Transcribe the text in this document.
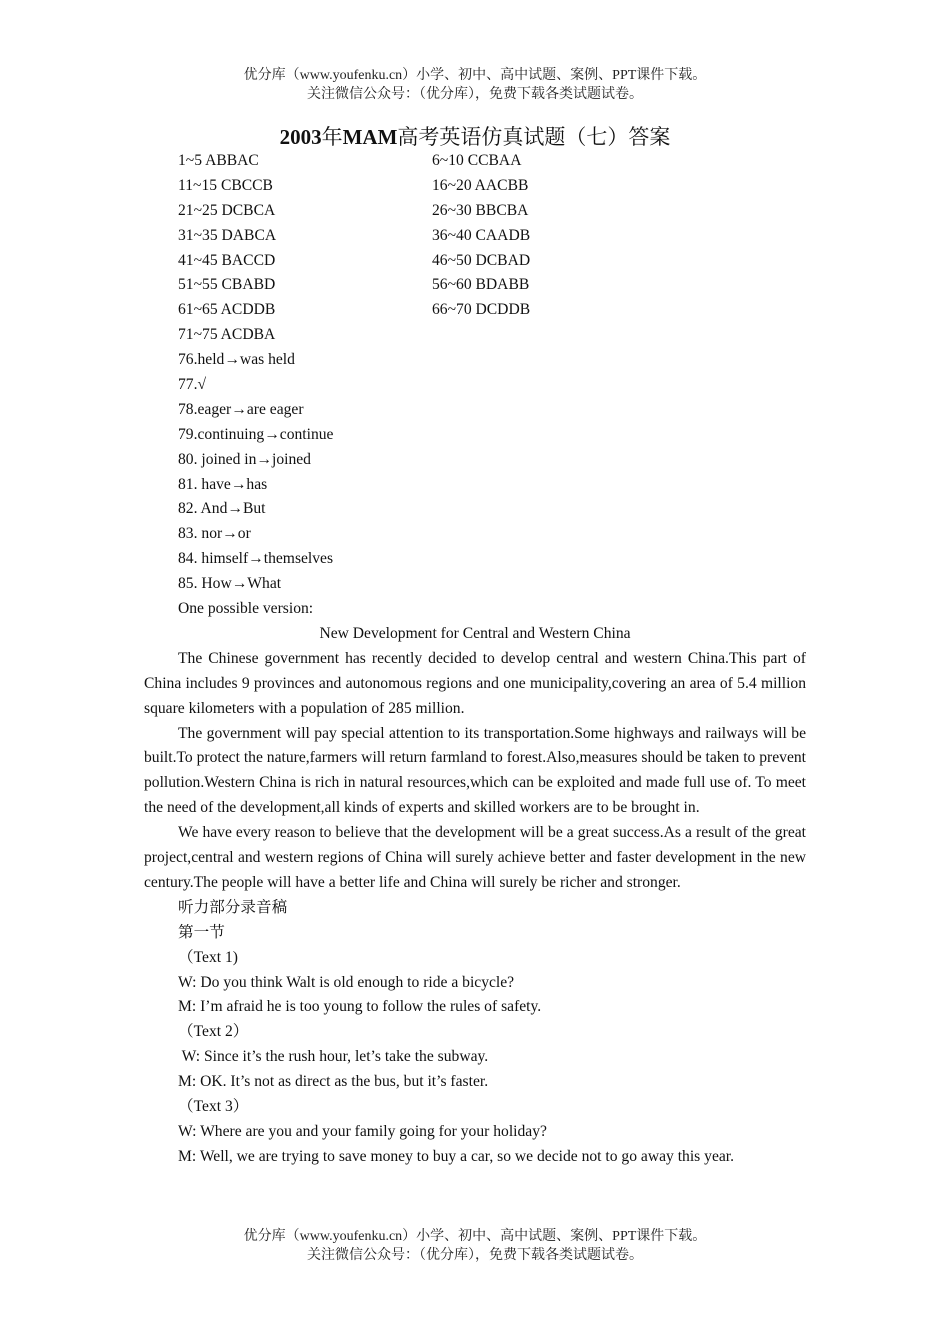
优分库（www.youfenku.cn）小学、初中、高中试题、案例、PPT课件下载。
关注微信公众号：（优分库），免费下载各类试题试卷。
2003年MAM高考英语仿真试题（七）答案
1~5 ABBAC	6~10 CCBAA
11~15 CBCCB	16~20 AACBB
21~25 DCBCA	26~30 BBCBA
31~35 DABCA	36~40 CAADB
41~45 BACCD	46~50 DCBAD
51~55 CBABD	56~60 BDABB
61~65 ACDDB	66~70 DCDDB
71~75 ACDBA
76.held→was held
77.√
78.eager→are eager
79.continuing→continue
80. joined in→joined
81. have→has
82. And→But
83. nor→or
84. himself→themselves
85. How→What
One possible version:
New Development for Central and Western China

The Chinese government has recently decided to develop central and western China.This part of China includes 9 provinces and autonomous regions and one municipality,covering an area of 5.4 million square kilometers with a population of 285 million.

The government will pay special attention to its transportation.Some highways and railways will be built.To protect the nature,farmers will return farmland to forest.Also,measures should be taken to prevent pollution.Western China is rich in natural resources,which can be exploited and made full use of. To meet the need of the development,all kinds of experts and skilled workers are to be brought in.

We have every reason to believe that the development will be a great success.As a result of the great project,central and western regions of China will surely achieve better and faster development in the new century.The people will have a better life and China will surely be richer and stronger.

听力部分录音稿
第一节
（Text 1)
W: Do you think Walt is old enough to ride a bicycle?
M: I’m afraid he is too young to follow the rules of safety.
（Text 2）
W: Since it’s the rush hour, let’s take the subway.
M: OK. It’s not as direct as the bus, but it’s faster.
（Text 3）
W: Where are you and your family going for your holiday?
M: Well, we are trying to save money to buy a car, so we decide not to go away this year.
优分库（www.youfenku.cn）小学、初中、高中试题、案例、PPT课件下载。
关注微信公众号：（优分库），免费下载各类试题试卷。
